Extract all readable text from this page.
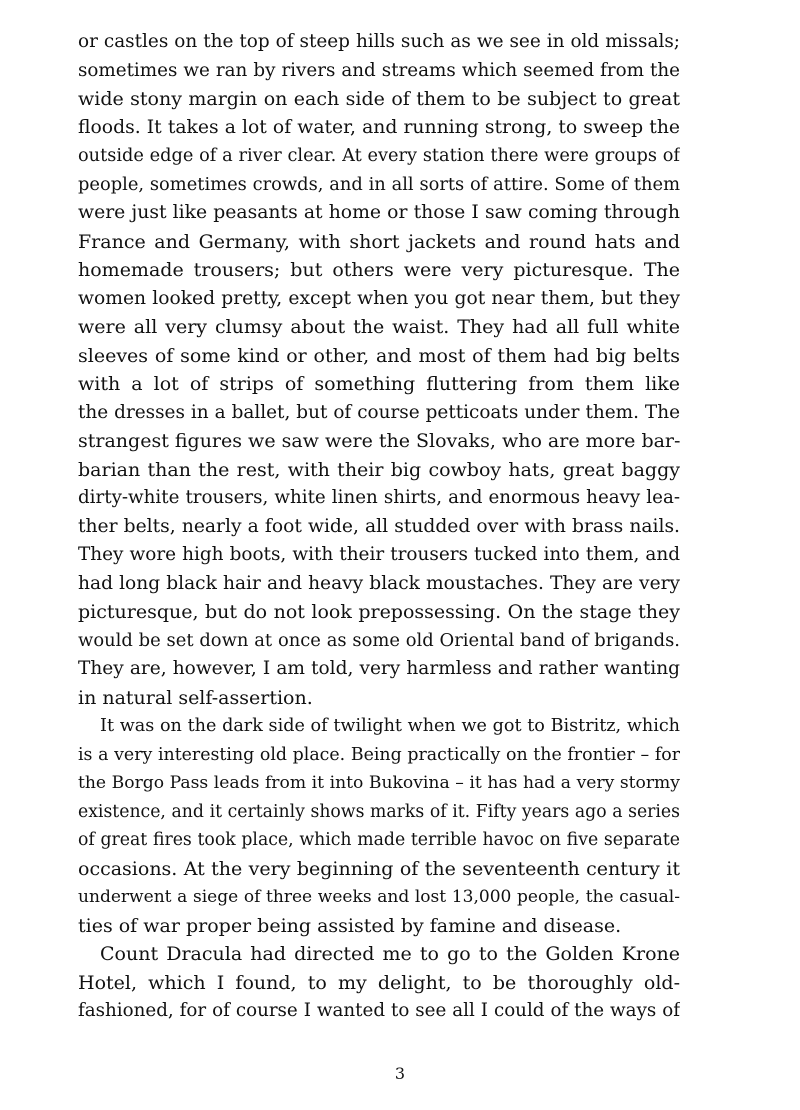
or castles on the top of steep hills such as we see in old missals;
sometimes we ran by rivers and streams which seemed from the
wide stony margin on each side of them to be subject to great
floods. It takes a lot of water, and running strong, to sweep the
outside edge of a river clear. At every station there were groups of
people, sometimes crowds, and in all sorts of attire. Some of them
were just like peasants at home or those I saw coming through
France and Germany, with short jackets and round hats and
homemade trousers; but others were very picturesque. The
women looked pretty, except when you got near them, but they
were all very clumsy about the waist. They had all full white
sleeves of some kind or other, and most of them had big belts
with a lot of strips of something fluttering from them like
the dresses in a ballet, but of course petticoats under them. The
strangest figures we saw were the Slovaks, who are more bar-
barian than the rest, with their big cowboy hats, great baggy
dirty-white trousers, white linen shirts, and enormous heavy lea-
ther belts, nearly a foot wide, all studded over with brass nails.
They wore high boots, with their trousers tucked into them, and
had long black hair and heavy black moustaches. They are very
picturesque, but do not look prepossessing. On the stage they
would be set down at once as some old Oriental band of brigands.
They are, however, I am told, very harmless and rather wanting
in natural self-assertion.
It was on the dark side of twilight when we got to Bistritz, which
is a very interesting old place. Being practically on the frontier – for
the Borgo Pass leads from it into Bukovina – it has had a very stormy
existence, and it certainly shows marks of it. Fifty years ago a series
of great fires took place, which made terrible havoc on five separate
occasions. At the very beginning of the seventeenth century it
underwent a siege of three weeks and lost 13,000 people, the casual-
ties of war proper being assisted by famine and disease.
Count Dracula had directed me to go to the Golden Krone
Hotel, which I found, to my delight, to be thoroughly old-
fashioned, for of course I wanted to see all I could of the ways of
3
